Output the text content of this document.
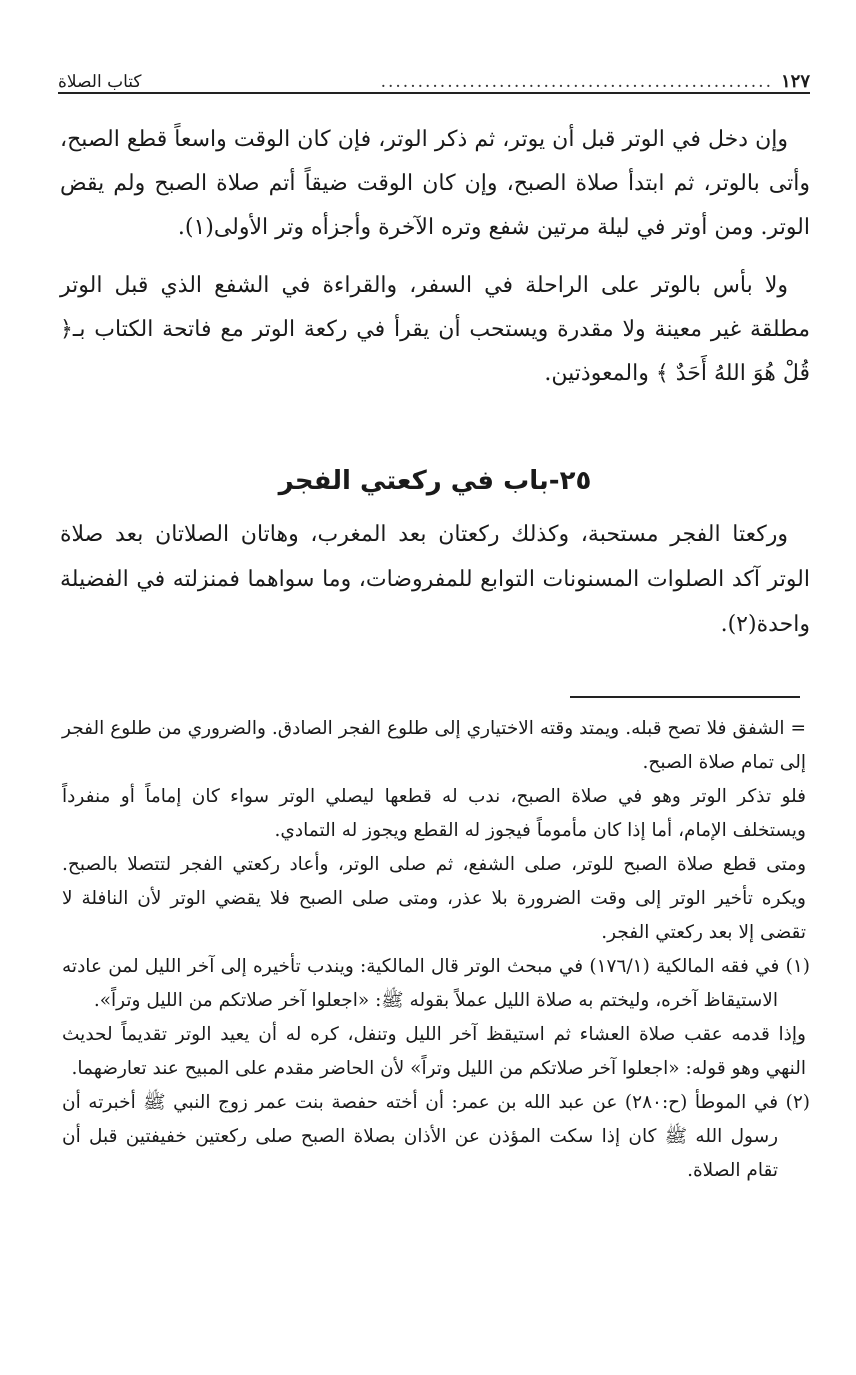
١٢٧
.....................................................
كتاب الصلاة

وإن دخل في الوتر قبل أن يوتر، ثم ذكر الوتر، فإن كان الوقت واسعاً قطع الصبح، وأتى بالوتر، ثم ابتدأ صلاة الصبح، وإن كان الوقت ضيقاً أتم صلاة الصبح ولم يقض الوتر. ومن أوتر في ليلة مرتين شفع وتره الآخرة وأجزأه وتر الأولى(١).

ولا بأس بالوتر على الراحلة في السفر، والقراءة في الشفع الذي قبل الوتر مطلقة غير معينة ولا مقدرة ويستحب أن يقرأ في ركعة الوتر مع فاتحة الكتاب بـ﴿ قُلْ هُوَ اللهُ أَحَدٌ ﴾ والمعوذتين.

٢٥-باب في ركعتي الفجر

وركعتا الفجر مستحبة، وكذلك ركعتان بعد المغرب، وهاتان الصلاتان بعد صلاة الوتر آكد الصلوات المسنونات التوابع للمفروضات، وما سواهما فمنزلته في الفضيلة واحدة(٢).

= الشفق فلا تصح قبله. ويمتد وقته الاختياري إلى طلوع الفجر الصادق. والضروري من طلوع الفجر إلى تمام صلاة الصبح.

فلو تذكر الوتر وهو في صلاة الصبح، ندب له قطعها ليصلي الوتر سواء كان إماماً أو منفرداً ويستخلف الإمام، أما إذا كان مأموماً فيجوز له القطع ويجوز له التمادي.

ومتى قطع صلاة الصبح للوتر، صلى الشفع، ثم صلى الوتر، وأعاد ركعتي الفجر لتتصلا بالصبح. ويكره تأخير الوتر إلى وقت الضرورة بلا عذر، ومتى صلى الصبح فلا يقضي الوتر لأن النافلة لا تقضى إلا بعد ركعتي الفجر.

(١) في فقه المالكية (١٧٦/١) في مبحث الوتر قال المالكية: ويندب تأخيره إلى آخر الليل لمن عادته الاستيقاظ آخره، وليختم به صلاة الليل عملاً بقوله ﷺ: «اجعلوا آخر صلاتكم من الليل وتراً».

وإذا قدمه عقب صلاة العشاء ثم استيقظ آخر الليل وتنفل، كره له أن يعيد الوتر تقديماً لحديث النهي وهو قوله: «اجعلوا آخر صلاتكم من الليل وتراً» لأن الحاضر مقدم على المبيح عند تعارضهما.

(٢) في الموطأ (ح:٢٨٠) عن عبد الله بن عمر: أن أخته حفصة بنت عمر زوج النبي ﷺ أخبرته أن رسول الله ﷺ كان إذا سكت المؤذن عن الأذان بصلاة الصبح صلى ركعتين خفيفتين قبل أن تقام الصلاة.
